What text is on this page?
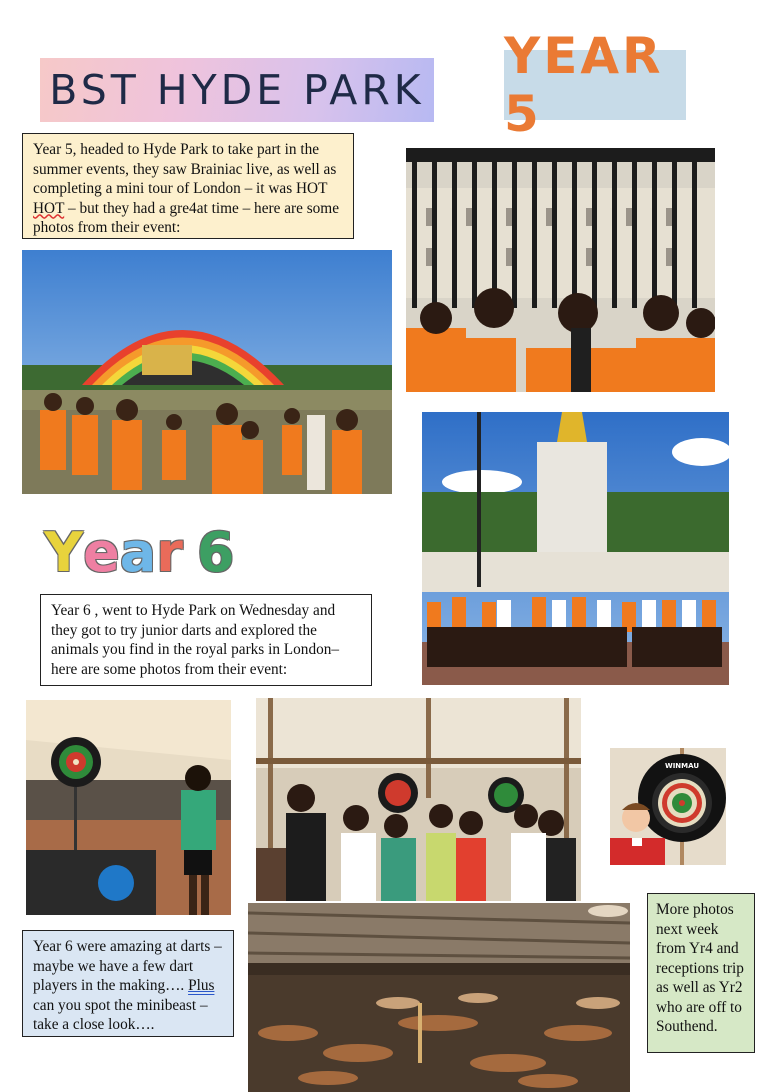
BST HYDE PARK
YEAR 5
Year 5, headed to Hyde Park to take part in the summer events, they saw Brainiac live, as well as completing a mini tour of London – it was HOT HOT – but they had a gre4at time – here are some photos from their event:
Year 6
Year 6 , went to Hyde Park on Wednesday and they got to try junior darts and explored the animals you find in the royal parks in London– here are some photos from their event:
WINMAU
Year 6 were amazing at darts – maybe we have a few dart players in the making…. Plus can you spot the minibeast – take a close look….
More photos next week from Yr4 and receptions trip as well as Yr2 who are off to Southend.
